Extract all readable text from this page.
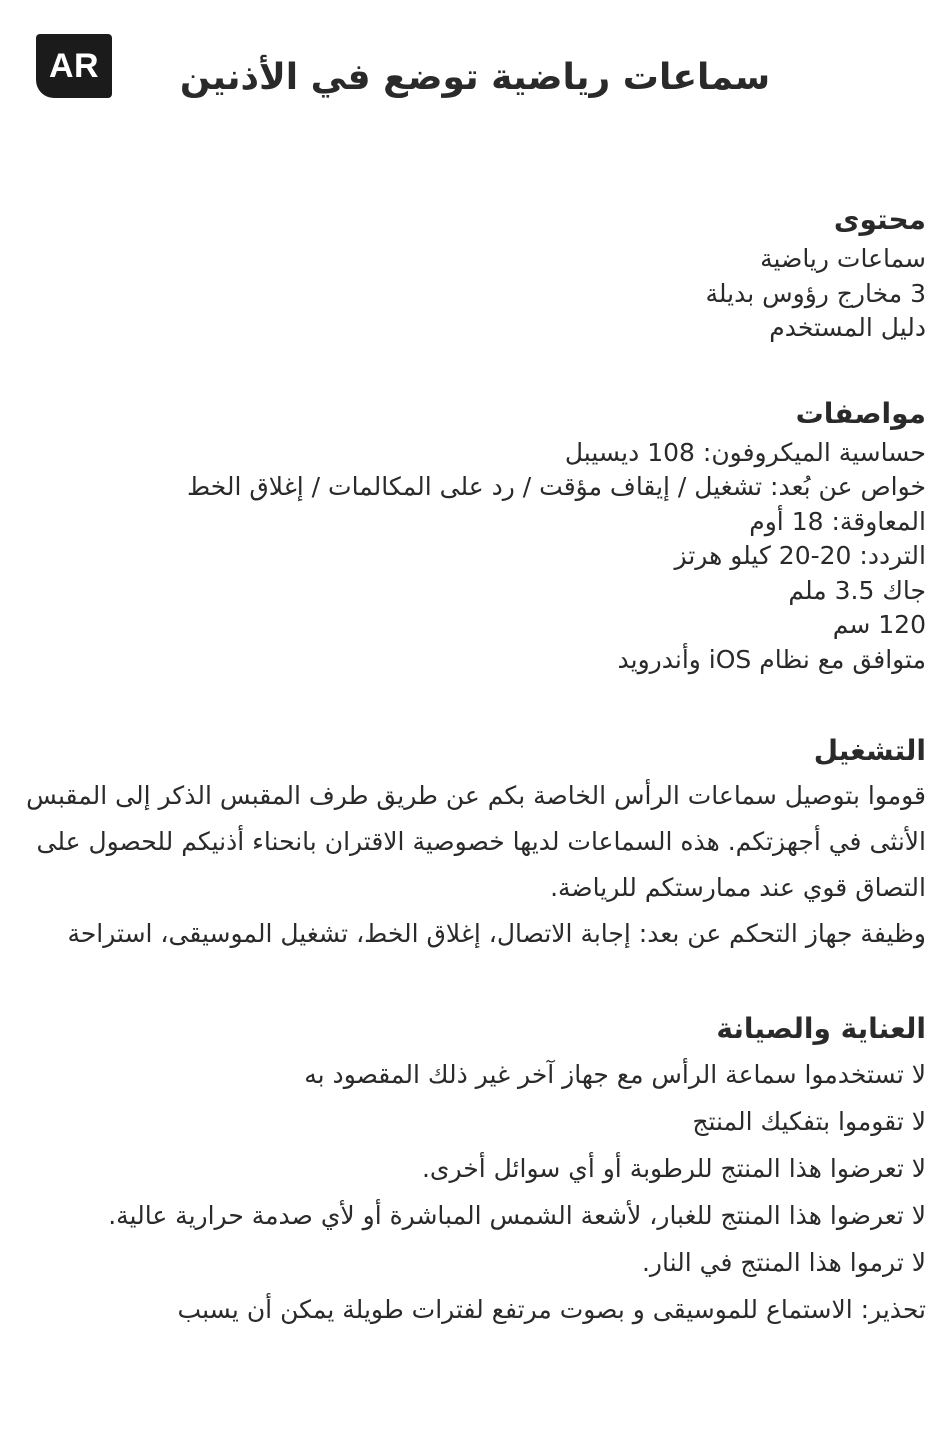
AR	سماعات رياضية توضع في الأذنين

محتوى

سماعات رياضية

3 مخارج رؤوس بديلة

دليل المستخدم

مواصفات

حساسية الميكروفون: 108 ديسيبل

خواص عن بُعد: تشغيل / إيقاف مؤقت / رد على المكالمات / إغلاق الخط

المعاوقة: 18 أوم

التردد: 20-20 كيلو هرتز

جاك 3.5 ملم

120 سم

متوافق مع نظام iOS وأندرويد

التشغيل

قوموا بتوصيل سماعات الرأس الخاصة بكم عن طريق طرف المقبس الذكر إلى المقبس الأنثى في أجهزتكم. هذه السماعات لديها خصوصية الاقتران بانحناء أذنيكم للحصول على التصاق قوي عند ممارستكم للرياضة.

وظيفة جهاز التحكم عن بعد: إجابة الاتصال، إغلاق الخط، تشغيل الموسيقى، استراحة

العناية والصيانة

لا تستخدموا سماعة الرأس مع جهاز آخر غير ذلك المقصود به

لا تقوموا بتفكيك المنتج

لا تعرضوا هذا المنتج للرطوبة أو أي سوائل أخرى.

لا تعرضوا هذا المنتج للغبار، لأشعة الشمس المباشرة أو لأي صدمة حرارية عالية.

لا ترموا هذا المنتج في النار.

تحذير: الاستماع للموسيقى و بصوت مرتفع لفترات طويلة يمكن أن يسبب
